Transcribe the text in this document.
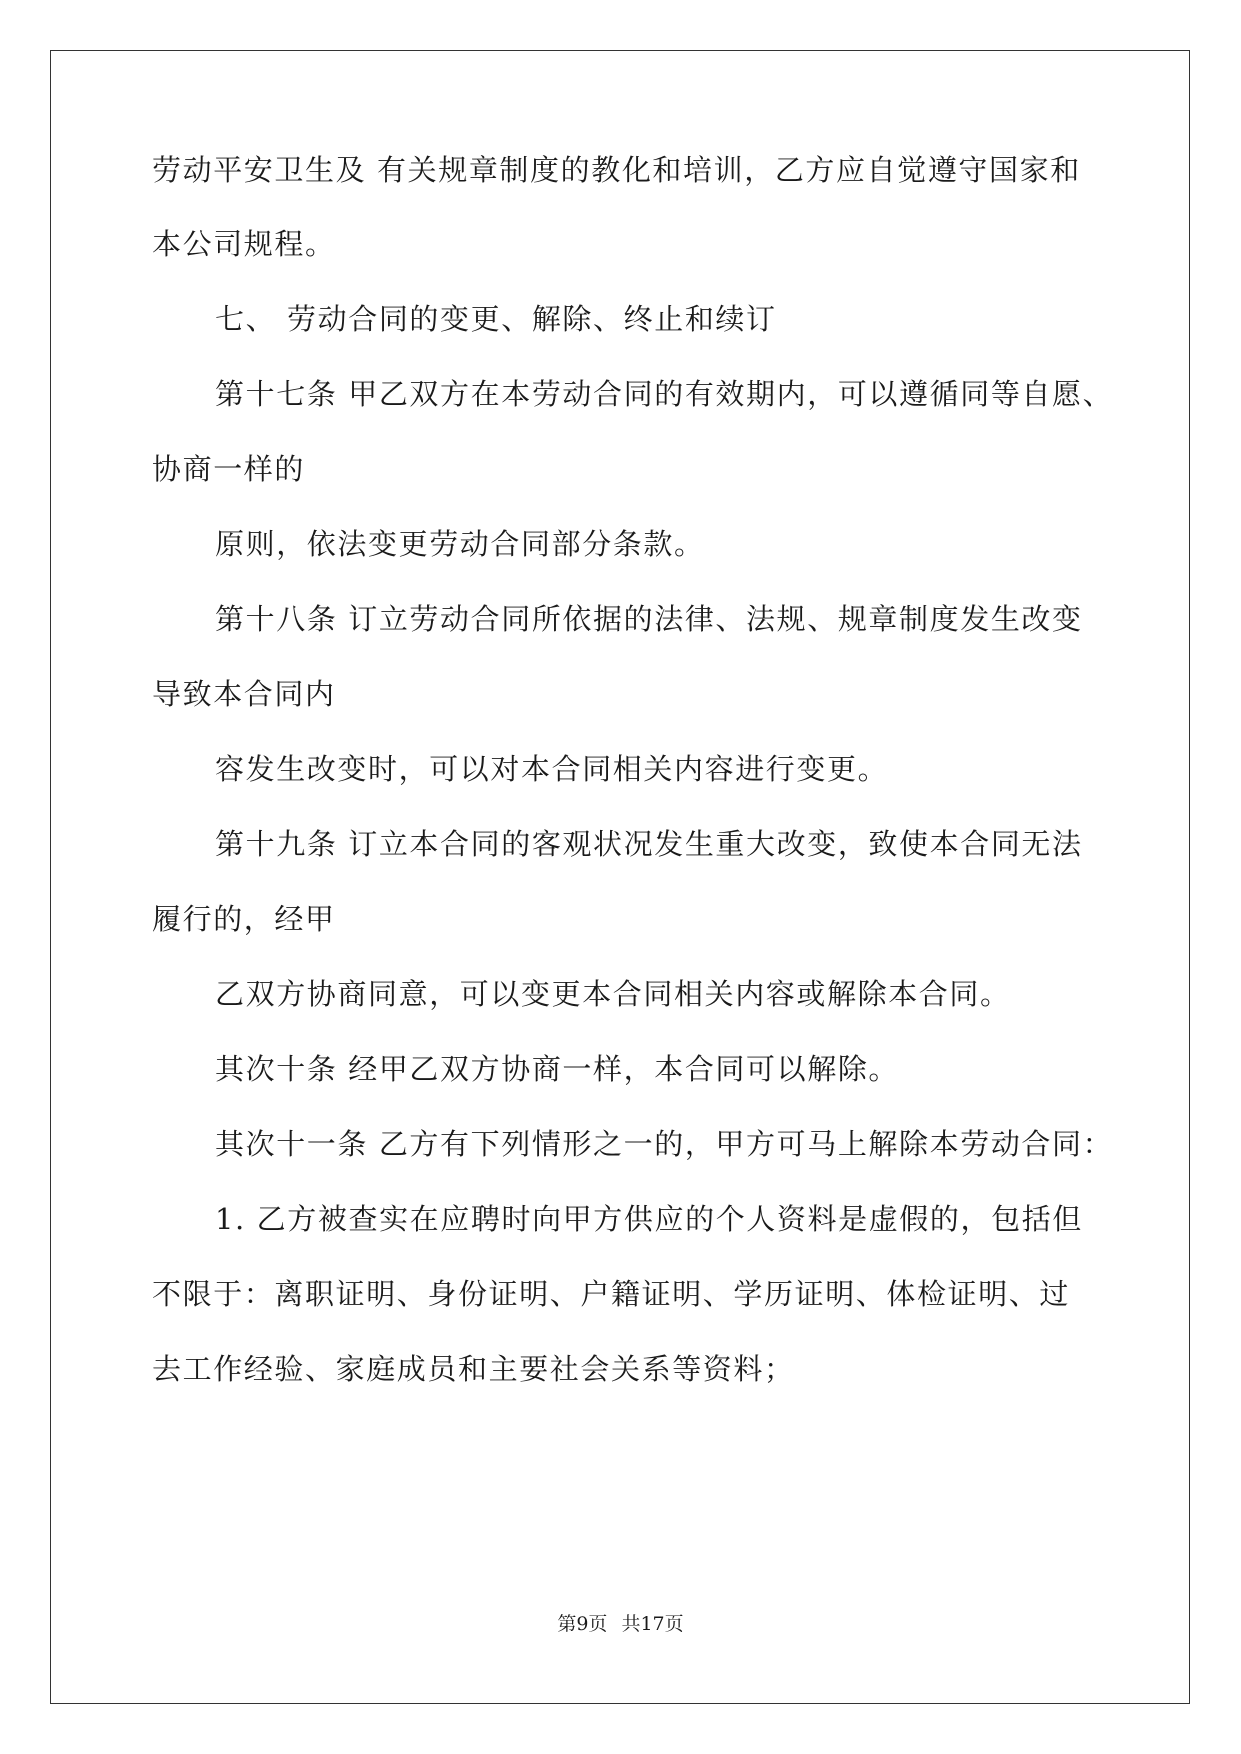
劳动平安卫生及 有关规章制度的教化和培训，乙方应自觉遵守国家和
本公司规程。
七、 劳动合同的变更、解除、终止和续订
第十七条 甲乙双方在本劳动合同的有效期内，可以遵循同等自愿、
协商一样的
原则，依法变更劳动合同部分条款。
第十八条 订立劳动合同所依据的法律、法规、规章制度发生改变
导致本合同内
容发生改变时，可以对本合同相关内容进行变更。
第十九条 订立本合同的客观状况发生重大改变，致使本合同无法
履行的，经甲
乙双方协商同意，可以变更本合同相关内容或解除本合同。
其次十条 经甲乙双方协商一样，本合同可以解除。
其次十一条 乙方有下列情形之一的，甲方可马上解除本劳动合同：
1. 乙方被查实在应聘时向甲方供应的个人资料是虚假的，包括但
不限于：离职证明、身份证明、户籍证明、学历证明、体检证明、过
去工作经验、家庭成员和主要社会关系等资料；
第9页 共17页
